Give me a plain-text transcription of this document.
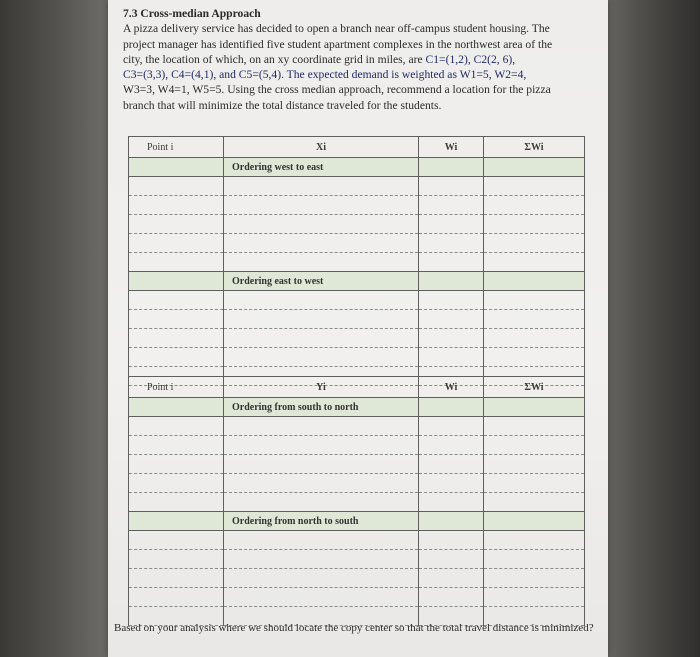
7.3 Cross-median Approach
A pizza delivery service has decided to open a branch near off-campus student housing. The
project manager has identified five student apartment complexes in the northwest area of the
city, the location of which, on an xy coordinate grid in miles, are C1=(1,2), C2(2, 6),
C3=(3,3), C4=(4,1), and C5=(5,4). The expected demand is weighted as W1=5, W2=4,
W3=3, W4=1, W5=5. Using the cross median approach, recommend a location for the pizza
branch that will minimize the total distance traveled for the students.
Point i	Xi	Wi	ΣWi
	Ordering west to east		

	Ordering east to west		

Point i	Yi	Wi	ΣWi
	Ordering from south to north		

	Ordering from north to south		

Based on your analysis where we should locate the copy center so that the total travel distance is minimized?
